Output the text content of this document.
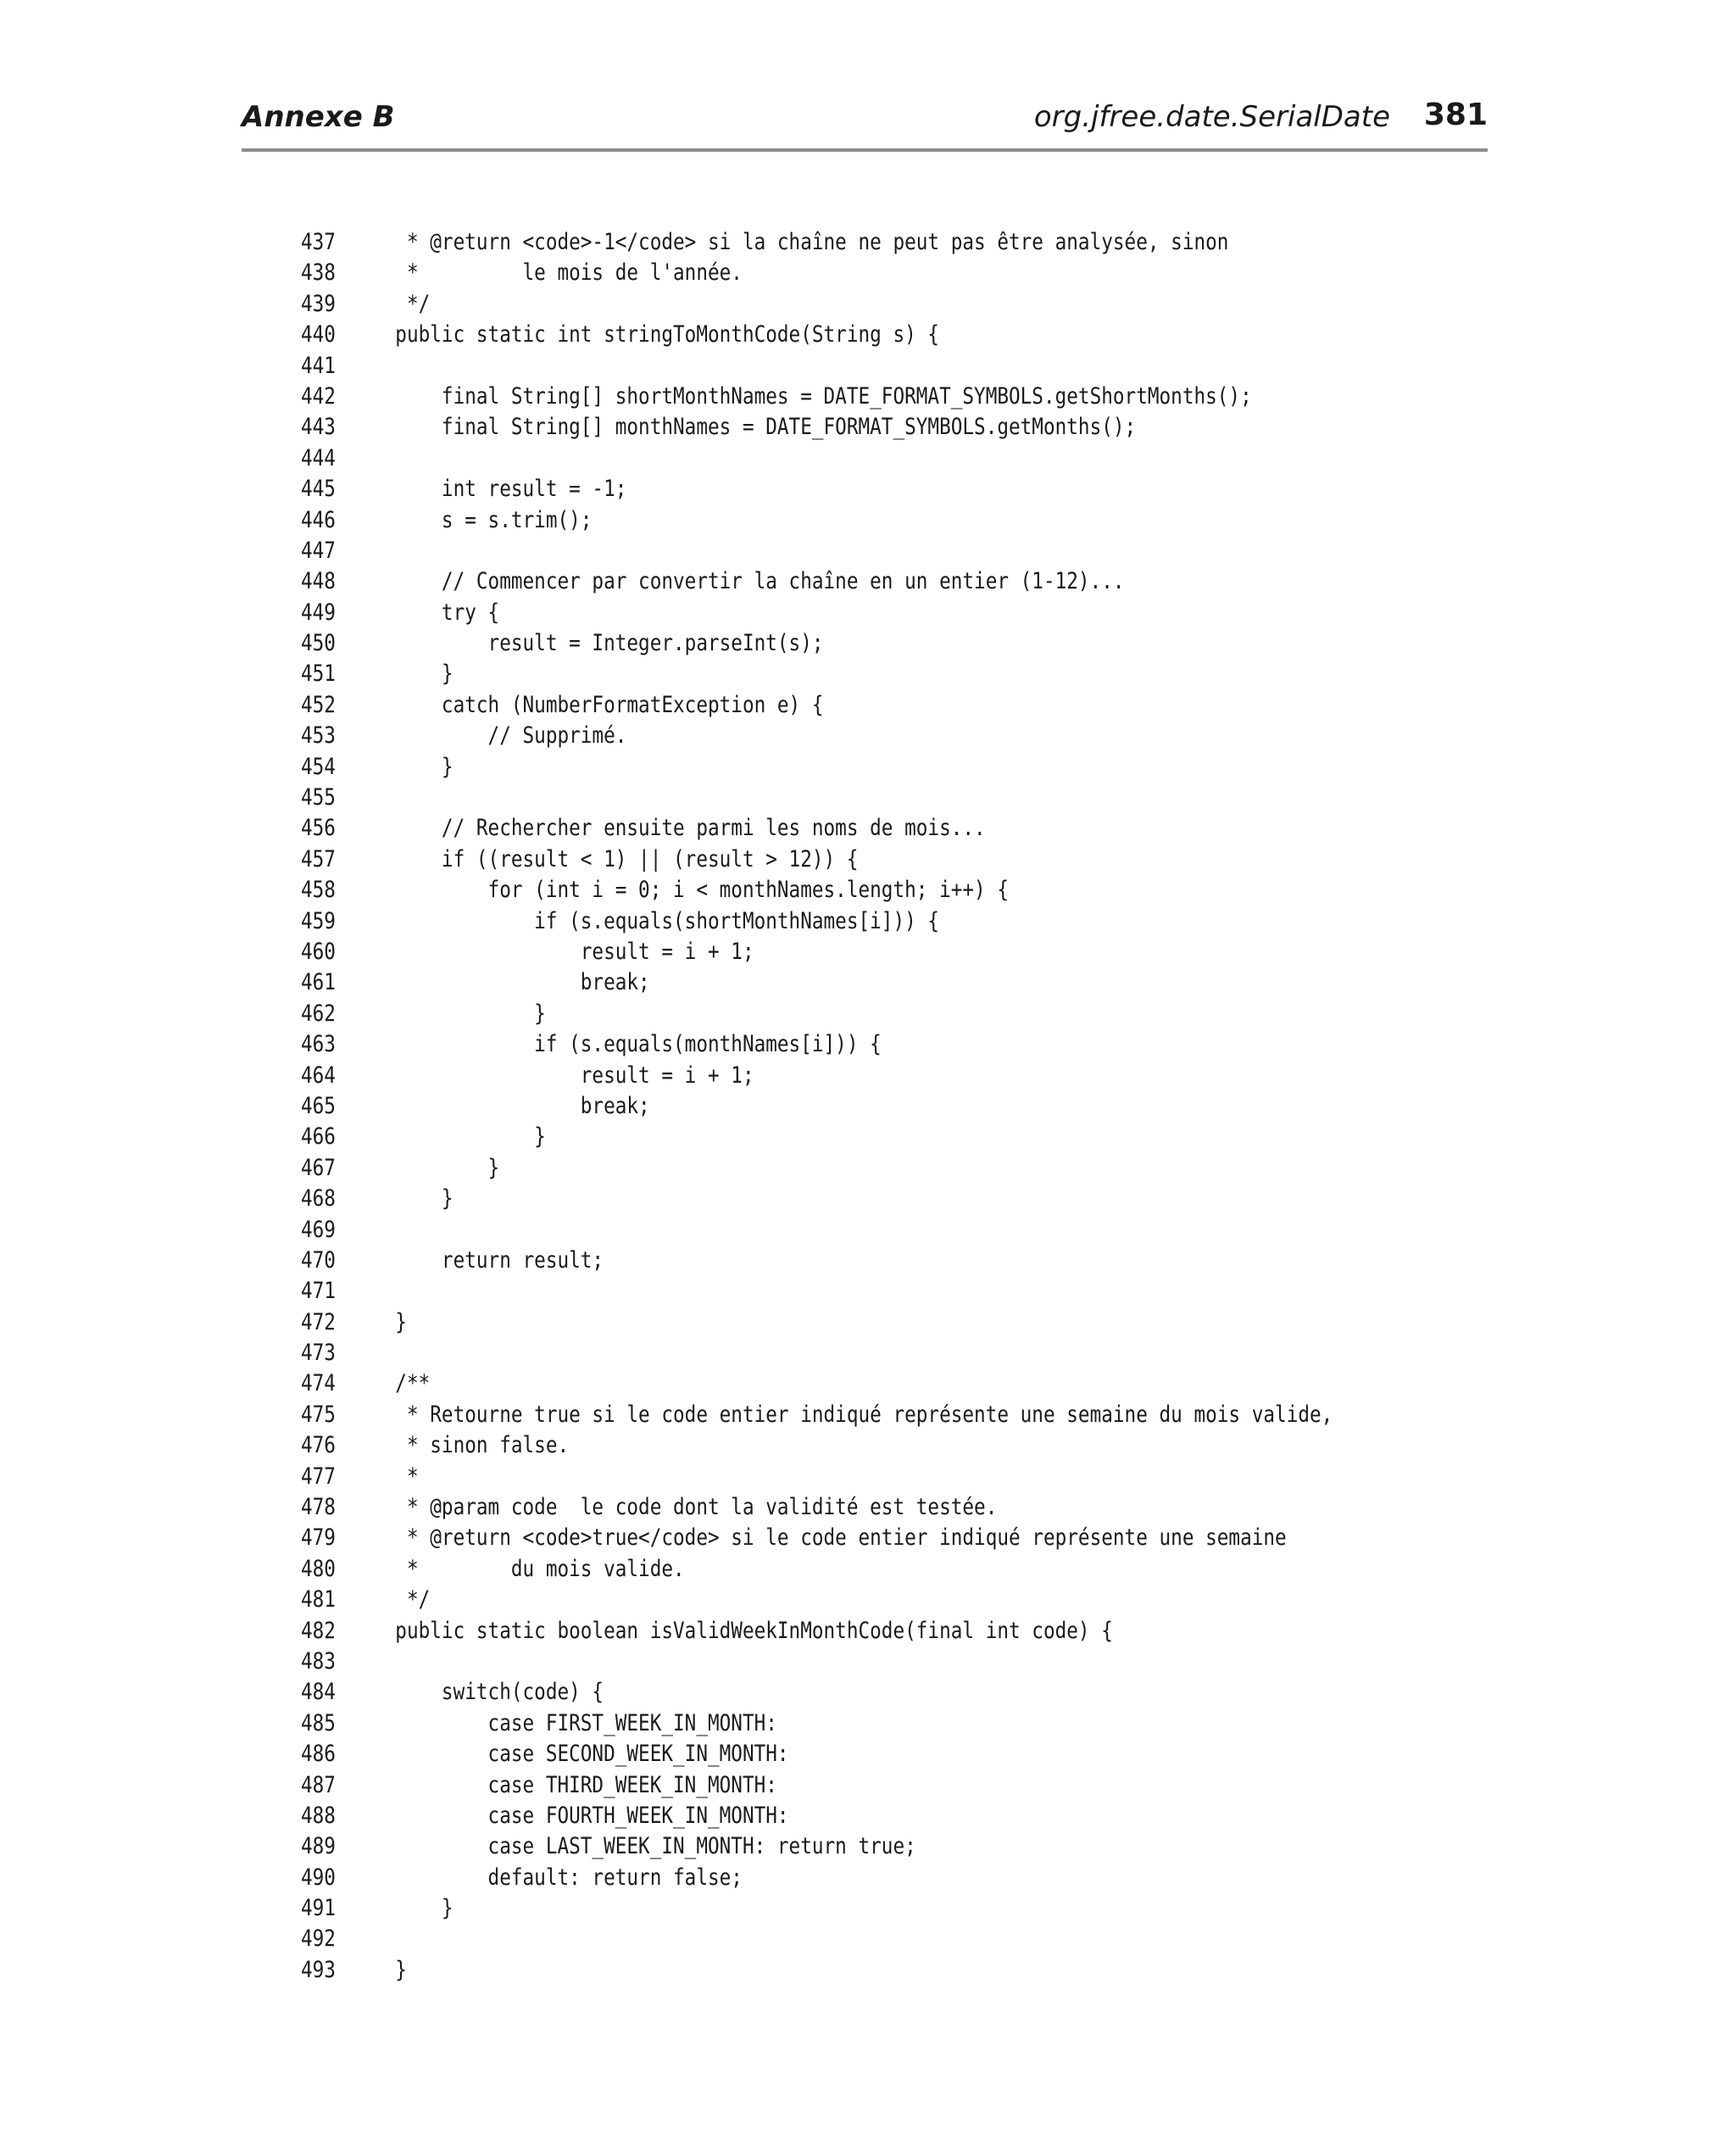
Annexe B	org.jfree.date.SerialDate 381
437	* @return <code>-1</code> si la chaîne ne peut pas être analysée, sinon
438	*         le mois de l'année.
439	*/
440	public static int stringToMonthCode(String s) {
441
442	final String[] shortMonthNames = DATE_FORMAT_SYMBOLS.getShortMonths();
443	final String[] monthNames = DATE_FORMAT_SYMBOLS.getMonths();
444
445	int result = -1;
446	s = s.trim();
447
448	// Commencer par convertir la chaîne en un entier (1-12)...
449	try {
450	result = Integer.parseInt(s);
451	}
452	catch (NumberFormatException e) {
453	// Supprimé.
454	}
455
456	// Rechercher ensuite parmi les noms de mois...
457	if ((result < 1) || (result > 12)) {
458	for (int i = 0; i < monthNames.length; i++) {
459	if (s.equals(shortMonthNames[i])) {
460	result = i + 1;
461	break;
462	}
463	if (s.equals(monthNames[i])) {
464	result = i + 1;
465	break;
466	}
467	}
468	}
469
470	return result;
471
472	}
473
474	/**
475	* Retourne true si le code entier indiqué représente une semaine du mois valide,
476	* sinon false.
477	*
478	* @param code  le code dont la validité est testée.
479	* @return <code>true</code> si le code entier indiqué représente une semaine
480	*        du mois valide.
481	*/
482	public static boolean isValidWeekInMonthCode(final int code) {
483
484	switch(code) {
485	case FIRST_WEEK_IN_MONTH:
486	case SECOND_WEEK_IN_MONTH:
487	case THIRD_WEEK_IN_MONTH:
488	case FOURTH_WEEK_IN_MONTH:
489	case LAST_WEEK_IN_MONTH: return true;
490	default: return false;
491	}
492
493	}
